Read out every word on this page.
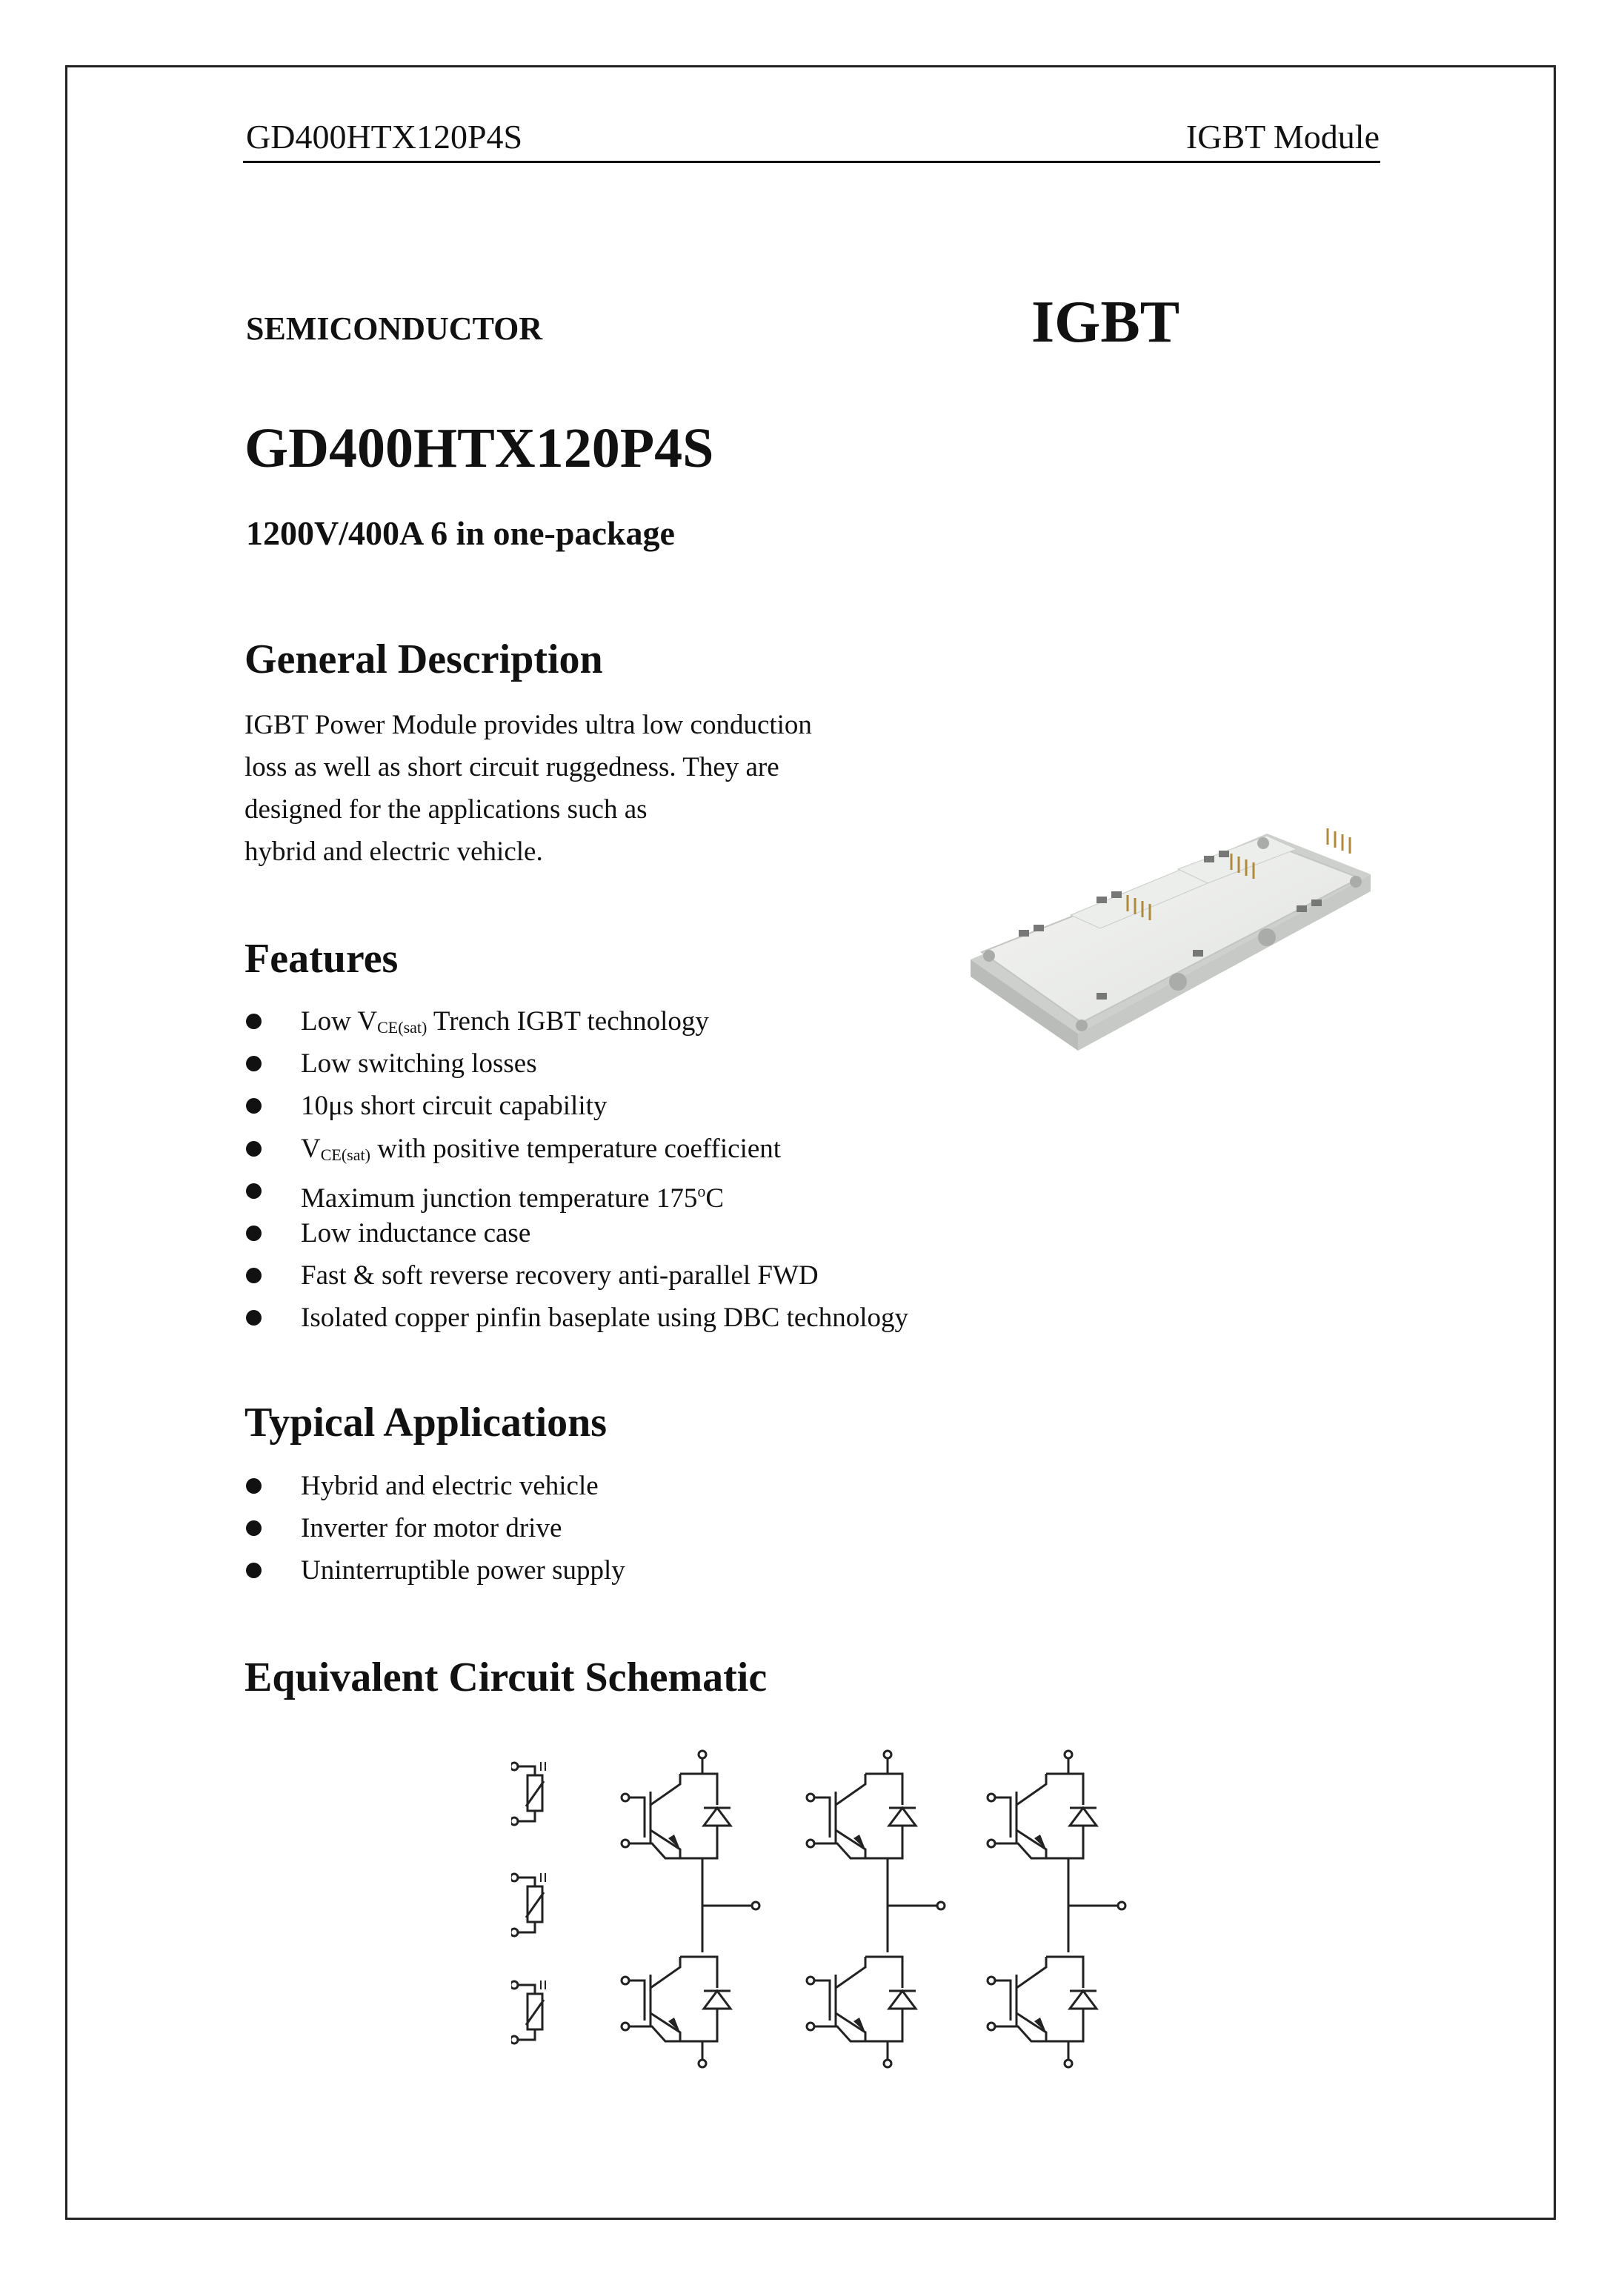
GD400HTX120P4S	IGBT Module
SEMICONDUCTOR	IGBT
GD400HTX120P4S
1200V/400A 6 in one-package
General Description
IGBT Power Module provides ultra low conduction
loss as well as short circuit ruggedness. They are
designed for the applications such as
hybrid and electric vehicle.
Features
Low $V_{CE(sat)}$ Trench IGBT technology
Low switching losses
10μs short circuit capability
$V_{CE(sat)}$ with positive temperature coefficient
Maximum junction temperature 175$^o$C
Low inductance case
Fast & soft reverse recovery anti-parallel FWD
Isolated copper pinfin baseplate using DBC technology
Typical Applications
Hybrid and electric vehicle
Inverter for motor drive
Uninterruptible power supply
Equivalent Circuit Schematic
